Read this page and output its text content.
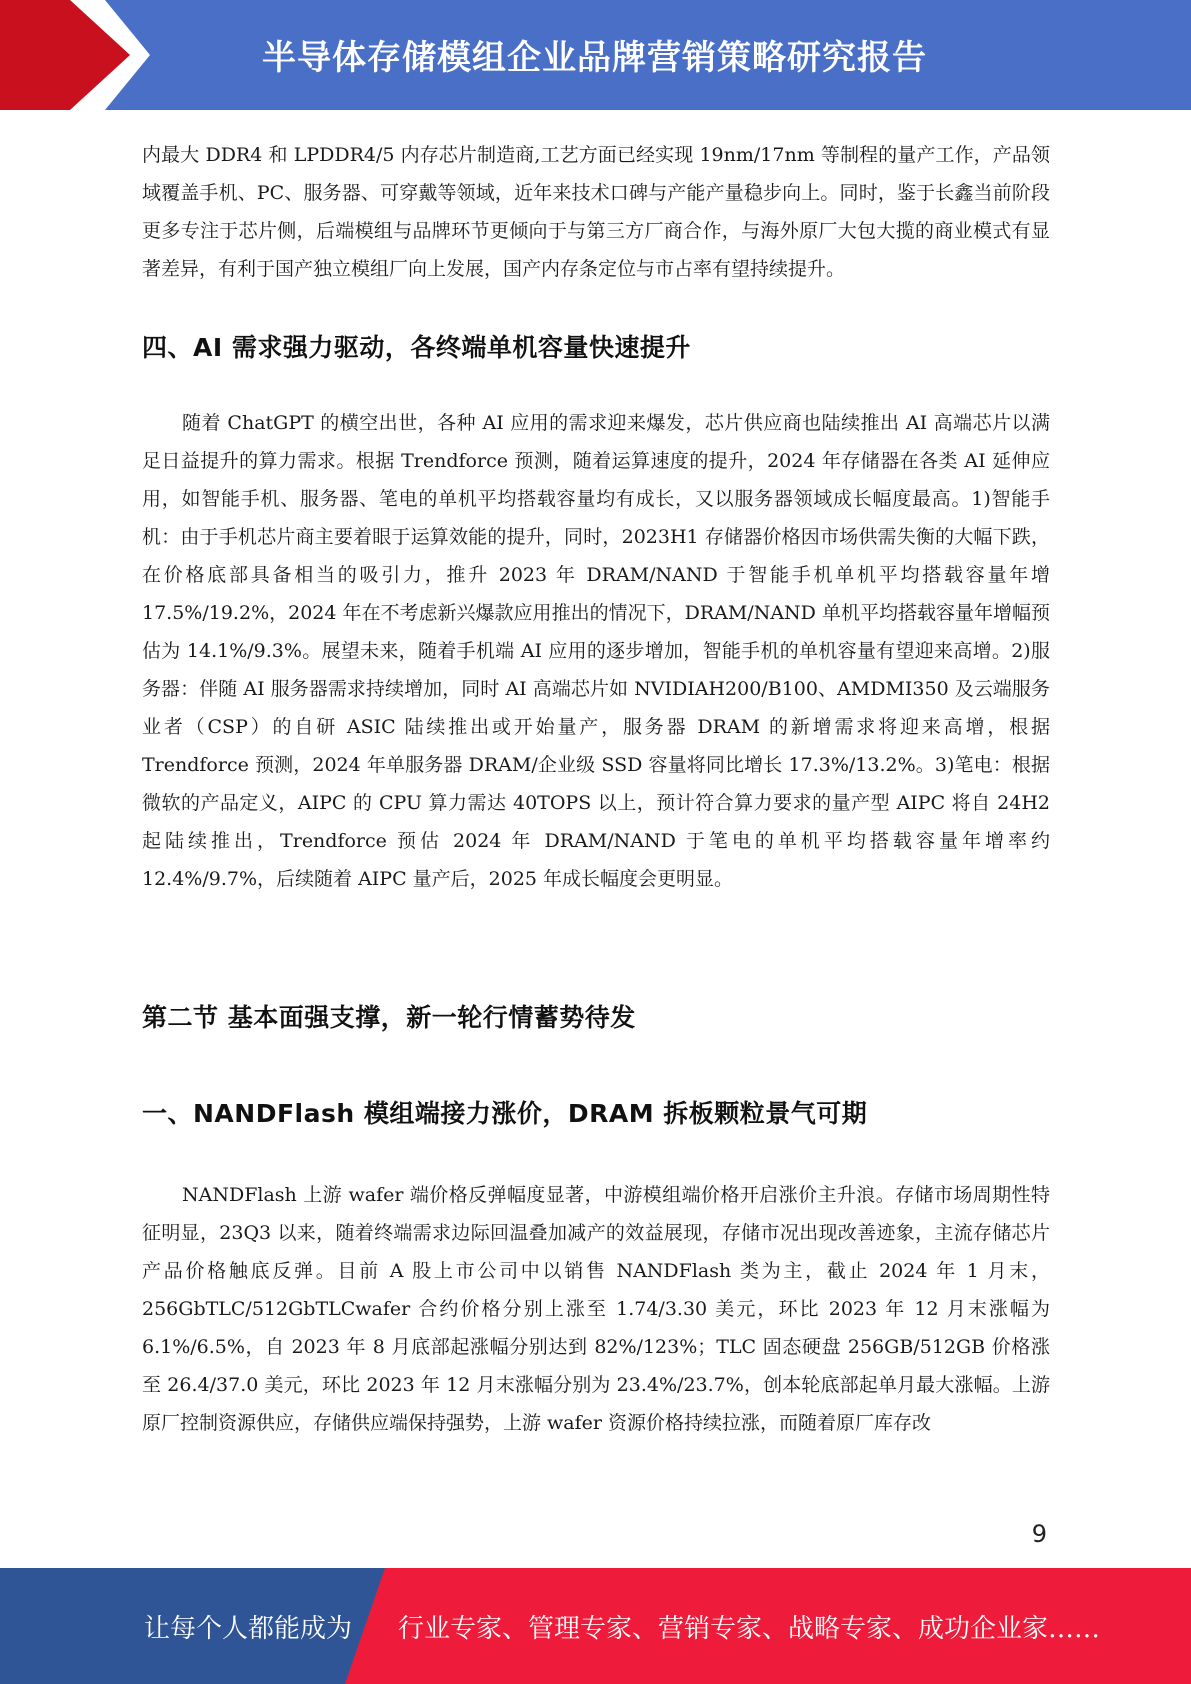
半导体存储模组企业品牌营销策略研究报告

内最大 DDR4 和 LPDDR4/5 内存芯片制造商,工艺方面已经实现 19nm/17nm 等制程的量产工作，产品领域覆盖手机、PC、服务器、可穿戴等领域，近年来技术口碑与产能产量稳步向上。同时，鉴于长鑫当前阶段更多专注于芯片侧，后端模组与品牌环节更倾向于与第三方厂商合作，与海外原厂大包大揽的商业模式有显著差异，有利于国产独立模组厂向上发展，国产内存条定位与市占率有望持续提升。

四、AI 需求强力驱动，各终端单机容量快速提升

随着 ChatGPT 的横空出世，各种 AI 应用的需求迎来爆发，芯片供应商也陆续推出 AI 高端芯片以满足日益提升的算力需求。根据 Trendforce 预测，随着运算速度的提升，2024 年存储器在各类 AI 延伸应用，如智能手机、服务器、笔电的单机平均搭载容量均有成长，又以服务器领域成长幅度最高。1)智能手机：由于手机芯片商主要着眼于运算效能的提升，同时，2023H1 存储器价格因市场供需失衡的大幅下跌，在价格底部具备相当的吸引力，推升 2023 年 DRAM/NAND 于智能手机单机平均搭载容量年增 17.5%/19.2%，2024 年在不考虑新兴爆款应用推出的情况下，DRAM/NAND 单机平均搭载容量年增幅预估为 14.1%/9.3%。展望未来，随着手机端 AI 应用的逐步增加，智能手机的单机容量有望迎来高增。2)服务器：伴随 AI 服务器需求持续增加，同时 AI 高端芯片如 NVIDIAH200/B100、AMDMI350 及云端服务业者（CSP）的自研 ASIC 陆续推出或开始量产，服务器 DRAM 的新增需求将迎来高增，根据 Trendforce 预测，2024 年单服务器 DRAM/企业级 SSD 容量将同比增长 17.3%/13.2%。3)笔电：根据微软的产品定义，AIPC 的 CPU 算力需达 40TOPS 以上，预计符合算力要求的量产型 AIPC 将自 24H2 起陆续推出，Trendforce 预估 2024 年 DRAM/NAND 于笔电的单机平均搭载容量年增率约 12.4%/9.7%，后续随着 AIPC 量产后，2025 年成长幅度会更明显。

第二节 基本面强支撑，新一轮行情蓄势待发
一、NANDFlash 模组端接力涨价，DRAM 拆板颗粒景气可期

NANDFlash 上游 wafer 端价格反弹幅度显著，中游模组端价格开启涨价主升浪。存储市场周期性特征明显，23Q3 以来，随着终端需求边际回温叠加减产的效益展现，存储市况出现改善迹象，主流存储芯片产品价格触底反弹。目前 A 股上市公司中以销售 NANDFlash 类为主，截止 2024 年 1 月末，256GbTLC/512GbTLCwafer 合约价格分别上涨至 1.74/3.30 美元，环比 2023 年 12 月末涨幅为 6.1%/6.5%，自 2023 年 8 月底部起涨幅分别达到 82%/123%；TLC 固态硬盘 256GB/512GB 价格涨至 26.4/37.0 美元，环比 2023 年 12 月末涨幅分别为 23.4%/23.7%，创本轮底部起单月最大涨幅。上游原厂控制资源供应，存储供应端保持强势，上游 wafer 资源价格持续拉涨，而随着原厂库存改

9
让每个人都能成为 行业专家、管理专家、营销专家、战略专家、成功企业家……
